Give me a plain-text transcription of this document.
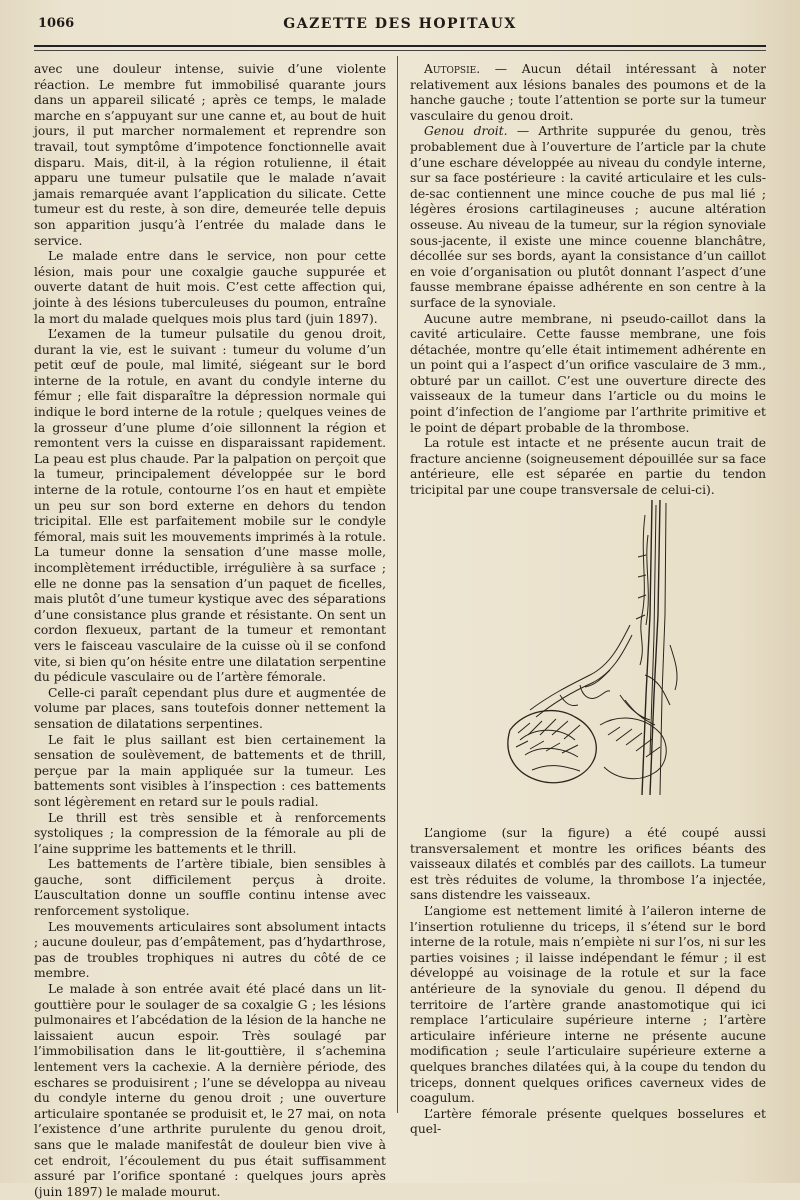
1066	GAZETTE DES HOPITAUX

avec une douleur intense, suivie d’une violente réaction. Le membre fut immobilisé quarante jours dans un appareil silicaté ; après ce temps, le malade marche en s’appuyant sur une canne et, au bout de huit jours, il put marcher normalement et reprendre son travail, tout symptôme d’impotence fonctionnelle avait disparu. Mais, dit-il, à la région rotulienne, il était apparu une tumeur pulsatile que le malade n’avait jamais remarquée avant l’application du silicate. Cette tumeur est du reste, à son dire, demeurée telle depuis son apparition jusqu’à l’entrée du malade dans le service.

Le malade entre dans le service, non pour cette lésion, mais pour une coxalgie gauche suppurée et ouverte datant de huit mois. C’est cette affection qui, jointe à des lésions tuberculeuses du poumon, entraîne la mort du malade quelques mois plus tard (juin 1897).

L’examen de la tumeur pulsatile du genou droit, durant la vie, est le suivant : tumeur du volume d’un petit œuf de poule, mal limité, siégeant sur le bord interne de la rotule, en avant du condyle interne du fémur ; elle fait disparaître la dépression normale qui indique le bord interne de la rotule ; quelques veines de la grosseur d’une plume d’oie sillonnent la région et remontent vers la cuisse en disparaissant rapidement. La peau est plus chaude. Par la palpation on perçoit que la tumeur, principalement développée sur le bord interne de la rotule, contourne l’os en haut et empiète un peu sur son bord externe en dehors du tendon tricipital. Elle est parfaitement mobile sur le condyle fémoral, mais suit les mouvements imprimés à la rotule. La tumeur donne la sensation d’une masse molle, incomplètement irréductible, irrégulière à sa surface ; elle ne donne pas la sensation d’un paquet de ficelles, mais plutôt d’une tumeur kystique avec des séparations d’une consistance plus grande et résistante. On sent un cordon flexueux, partant de la tumeur et remontant vers le faisceau vasculaire de la cuisse où il se confond vite, si bien qu’on hésite entre une dilatation serpentine du pédicule vasculaire ou de l’artère fémorale.

Celle-ci paraît cependant plus dure et augmentée de volume par places, sans toutefois donner nettement la sensation de dilatations serpentines.

Le fait le plus saillant est bien certainement la sensation de soulèvement, de battements et de thrill, perçue par la main appliquée sur la tumeur. Les battements sont visibles à l’inspection : ces battements sont légèrement en retard sur le pouls radial.

Le thrill est très sensible et à renforcements systoliques ; la compression de la fémorale au pli de l’aine supprime les battements et le thrill.

Les battements de l’artère tibiale, bien sensibles à gauche, sont difficilement perçus à droite. L’auscultation donne un souffle continu intense avec renforcement systolique.

Les mouvements articulaires sont absolument intacts ; aucune douleur, pas d’empâtement, pas d’hydarthrose, pas de troubles trophiques ni autres du côté de ce membre.

Le malade à son entrée avait été placé dans un lit-gouttière pour le soulager de sa coxalgie G ; les lésions pulmonaires et l’abcédation de la lésion de la hanche ne laissaient aucun espoir. Très soulagé par l’immobilisation dans le lit-gouttière, il s’achemina lentement vers la cachexie. A la dernière période, des eschares se produisirent ; l’une se développa au niveau du condyle interne du genou droit ; une ouverture articulaire spontanée se produisit et, le 27 mai, on nota l’existence d’une arthrite purulente du genou droit, sans que le malade manifestât de douleur bien vive à cet endroit, l’écoulement du pus était suffisamment assuré par l’orifice spontané : quelques jours après (juin 1897) le malade mourut.

Autopsie. — Aucun détail intéressant à noter relativement aux lésions banales des poumons et de la hanche gauche ; toute l’attention se porte sur la tumeur vasculaire du genou droit.

Genou droit. — Arthrite suppurée du genou, très probablement due à l’ouverture de l’article par la chute d’une eschare développée au niveau du condyle interne, sur sa face postérieure : la cavité articulaire et les culs-de-sac contiennent une mince couche de pus mal lié ; légères érosions cartilagineuses ; aucune altération osseuse. Au niveau de la tumeur, sur la région synoviale sous-jacente, il existe une mince couenne blanchâtre, décollée sur ses bords, ayant la consistance d’un caillot en voie d’organisation ou plutôt donnant l’aspect d’une fausse membrane épaisse adhérente en son centre à la surface de la synoviale.

Aucune autre membrane, ni pseudo-caillot dans la cavité articulaire. Cette fausse membrane, une fois détachée, montre qu’elle était intimement adhérente en un point qui a l’aspect d’un orifice vasculaire de 3 mm., obturé par un caillot. C’est une ouverture directe des vaisseaux de la tumeur dans l’article ou du moins le point d’infection de l’angiome par l’arthrite primitive et le point de départ probable de la thrombose.

La rotule est intacte et ne présente aucun trait de fracture ancienne (soigneusement dépouillée sur sa face antérieure, elle est séparée en partie du tendon tricipital par une coupe transversale de celui-ci).

L’angiome (sur la figure) a été coupé aussi transversalement et montre les orifices béants des vaisseaux dilatés et comblés par des caillots. La tumeur est très réduites de volume, la thrombose l’a injectée, sans distendre les vaisseaux.

L’angiome est nettement limité à l’aileron interne de l’insertion rotulienne du triceps, il s’étend sur le bord interne de la rotule, mais n’empiète ni sur l’os, ni sur les parties voisines ; il laisse indépendant le fémur ; il est développé au voisinage de la rotule et sur la face antérieure de la synoviale du genou. Il dépend du territoire de l’artère grande anastomotique qui ici remplace l’articulaire supérieure interne ; l’artère articulaire inférieure interne ne présente aucune modification ; seule l’articulaire supérieure externe a quelques branches dilatées qui, à la coupe du tendon du triceps, donnent quelques orifices caverneux vides de coagulum.

L’artère fémorale présente quelques bosselures et quel-
